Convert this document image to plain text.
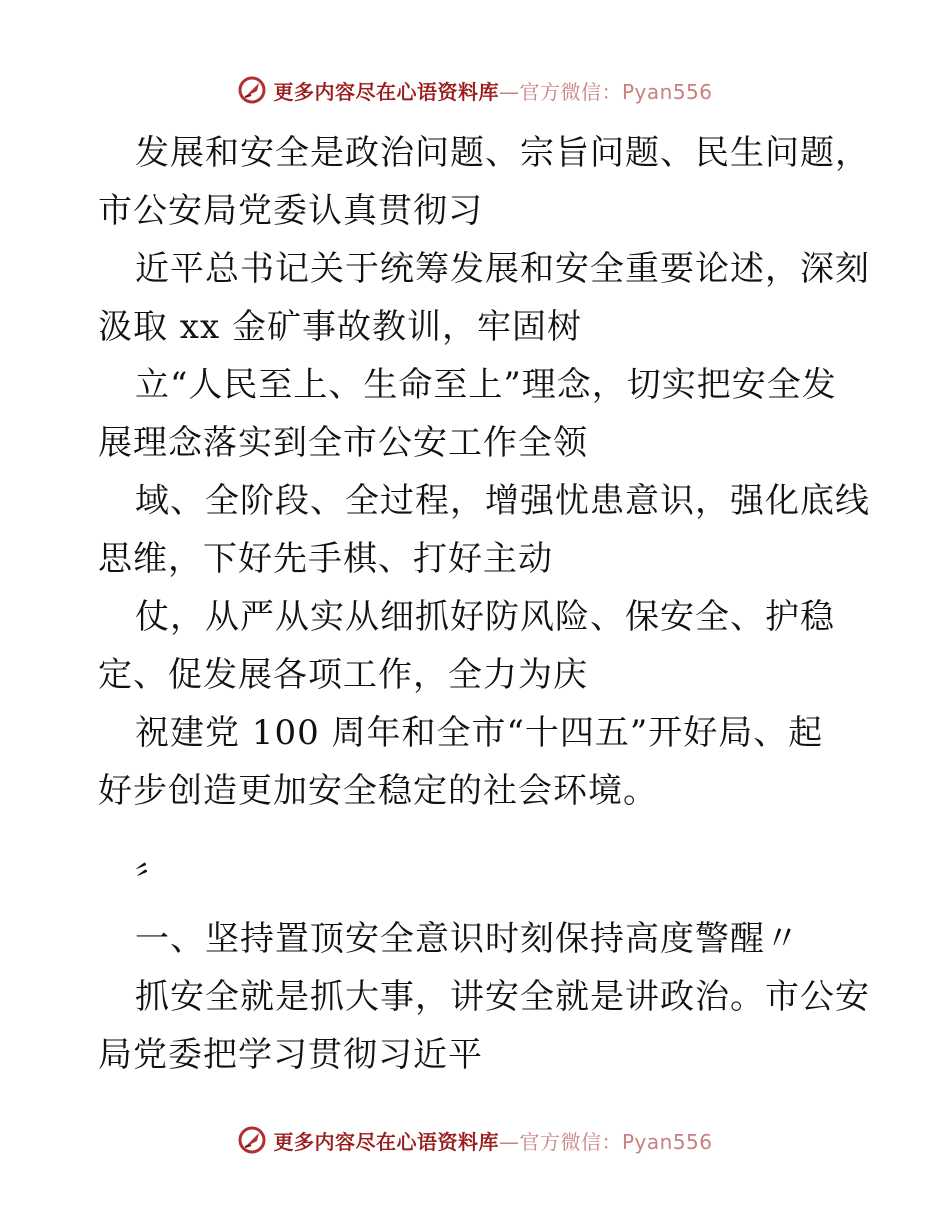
更多内容尽在心语资料库—官方微信：Pyan556
发展和安全是政治问题、宗旨问题、民生问题，
市公安局党委认真贯彻习
近平总书记关于统筹发展和安全重要论述，深刻
汲取 xx 金矿事故教训，牢固树
立“人民至上、生命至上”理念，切实把安全发
展理念落实到全市公安工作全领
域、全阶段、全过程，增强忧患意识，强化底线
思维，下好先手棋、打好主动
仗，从严从实从细抓好防风险、保安全、护稳
定、促发展各项工作，全力为庆
祝建党 100 周年和全市“十四五”开好局、起
好步创造更加安全稳定的社会环境。
〞
一、坚持置顶安全意识时刻保持高度警醒〃
抓安全就是抓大事，讲安全就是讲政治。市公安
局党委把学习贯彻习近平
更多内容尽在心语资料库—官方微信：Pyan556
